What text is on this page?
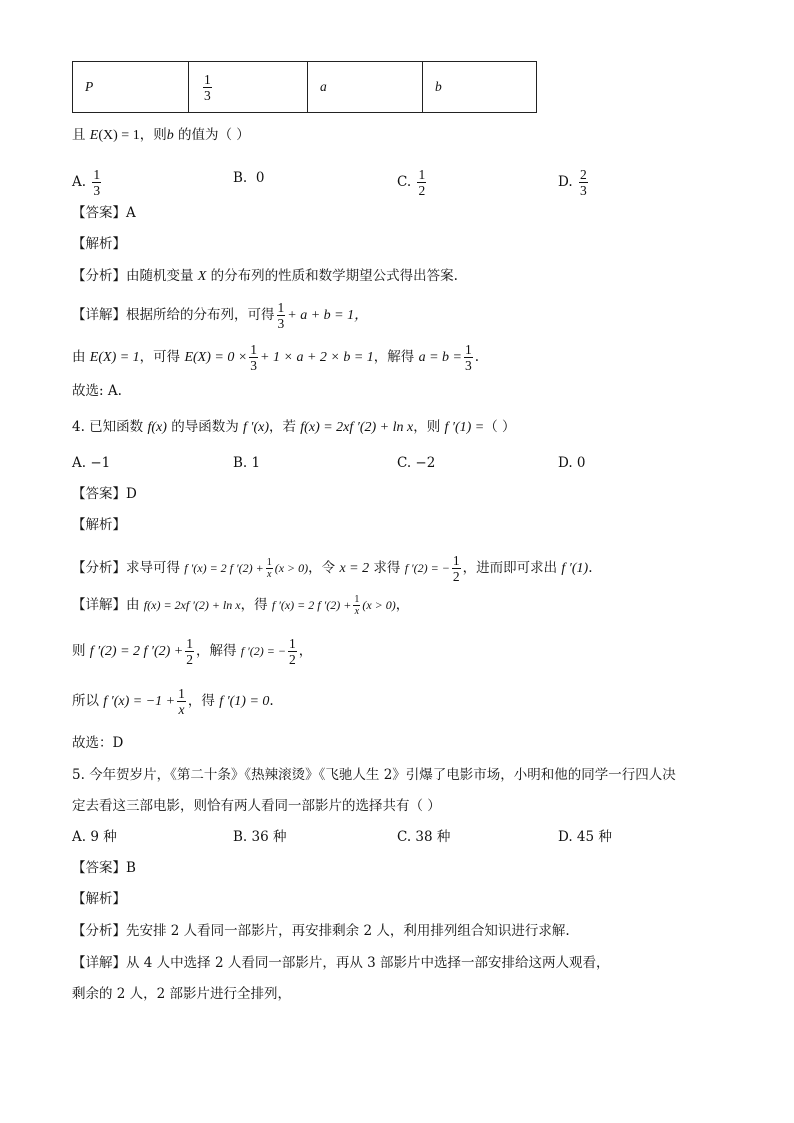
P	$\frac{1}{3}$	a	b
且 E(X) = 1，则b 的值为（ ）
A. $\frac{1}{3}$	B. 0	C. $\frac{1}{2}$	D. $\frac{2}{3}$
【答案】A
【解析】
【分析】由随机变量 X 的分布列的性质和数学期望公式得出答案.
【详解】根据所给的分布列，可得 $\frac{1}{3} + a + b = 1$，
由 E(X) = 1，可得 $E(X) = 0 \times \frac{1}{3} + 1 \times a + 2 \times b = 1$，解得 $a = b = \frac{1}{3}$ .
故选: A.
4. 已知函数 f(x) 的导函数为 f ′(x)，若 f(x) = 2xf ′(2) + ln x，则 f ′(1) =（ ）
A. −1	B. 1	C. −2	D. 0
【答案】D
【解析】
【分析】求导可得 f ′(x) = 2 f $'(2) + \frac{1}{x} (x > 0)$，令 x = 2 求得 f ′(2) = − $\frac{1}{2}$ ，进而即可求出 f ′(1).
【详解】由 f(x) = 2xf ′(2) + ln x，得 f ′(x) = 2 f $'(2) + \frac{1}{x} (x > 0)$，
则 f ′(2) = 2 f $'(2) + \frac{1}{2}$ ，解得 f ′(2) = − $\frac{1}{2}$ ，
所以 f $'(x) = -1 + \frac{1}{x}$ ，得 f ′(1) = 0.
故选：D
5. 今年贺岁片，《第二十条》《热辣滚烫》《飞驰人生 2》引爆了电影市场，小明和他的同学一行四人决
定去看这三部电影，则恰有两人看同一部影片的选择共有（ ）
A. 9 种	B. 36 种	C. 38 种	D. 45 种
【答案】B
【解析】
【分析】先安排 2 人看同一部影片，再安排剩余 2 人，利用排列组合知识进行求解.
【详解】从 4 人中选择 2 人看同一部影片，再从 3 部影片中选择一部安排给这两人观看，
剩余的 2 人，2 部影片进行全排列，
